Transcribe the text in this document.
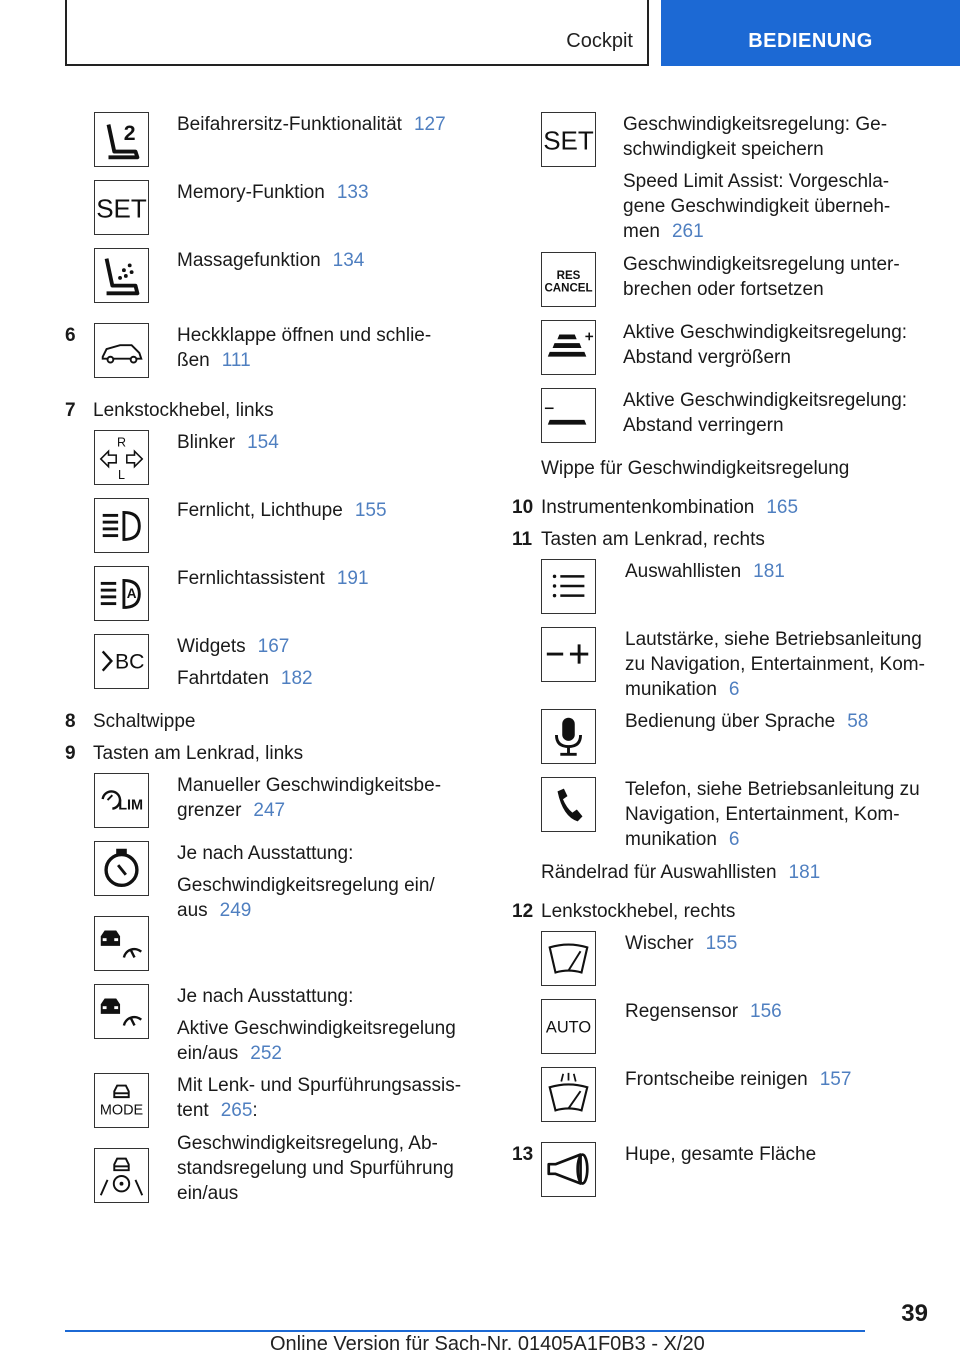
Cockpit	BEDIENUNG
2 Beifahrersitz-Funktionalität 127
SET
Memory-Funktion 133
Massagefunktion 134
6	Heckklappe öffnen und schlie-
ßen 111
7 Lenkstockhebel, links
R
L
Blinker 154
Fernlicht, Lichthupe 155
A
Fernlichtassistent 191
BC
Widgets 167
Fahrtdaten 182
8 Schaltwippe
9 Tasten am Lenkrad, links
LIM
Manueller Geschwindigkeitsbe-
grenzer 247
Je nach Ausstattung:
Geschwindigkeitsregelung ein/
aus 249
Je nach Ausstattung:
Aktive Geschwindigkeitsregelung
ein/aus 252
MODE
Mit Lenk- und Spurführungsassis-
tent 265:
Geschwindigkeitsregelung, Ab-
standsregelung und Spurführung
ein/aus
SET
Geschwindigkeitsregelung: Ge-
schwindigkeit speichern
Speed Limit Assist: Vorgeschla-
gene Geschwindigkeit überneh-
men 261
RES
CANCEL
Geschwindigkeitsregelung unter-
brechen oder fortsetzen
Aktive Geschwindigkeitsregelung:
Abstand vergrößern
Aktive Geschwindigkeitsregelung:
Abstand verringern
Wippe für Geschwindigkeitsregelung
10 Instrumentenkombination 165
11 Tasten am Lenkrad, rechts
Auswahllisten 181
Lautstärke, siehe Betriebsanleitung
zu Navigation, Entertainment, Kom-
munikation 6
Bedienung über Sprache 58
Telefon, siehe Betriebsanleitung zu
Navigation, Entertainment, Kom-
munikation 6
Rändelrad für Auswahllisten 181
12 Lenkstockhebel, rechts
Wischer 155
AUTO
Regensensor 156
Frontscheibe reinigen 157
13	Hupe, gesamte Fläche
39
Online Version für Sach-Nr. 01405A1F0B3 - X/20
